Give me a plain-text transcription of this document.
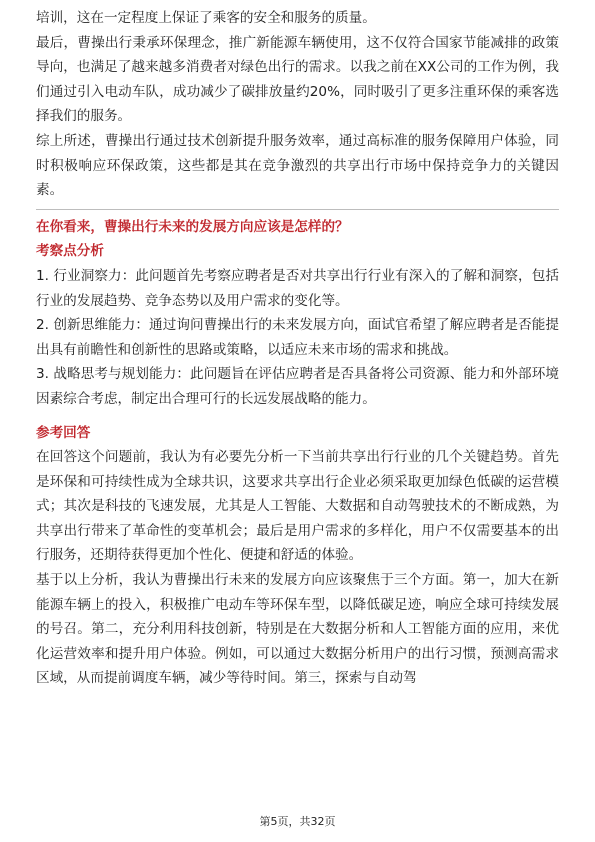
培训，这在一定程度上保证了乘客的安全和服务的质量。

最后，曹操出行秉承环保理念，推广新能源车辆使用，这不仅符合国家节能减排的政策导向，也满足了越来越多消费者对绿色出行的需求。以我之前在XX公司的工作为例，我们通过引入电动车队，成功减少了碳排放量约20%，同时吸引了更多注重环保的乘客选择我们的服务。

综上所述，曹操出行通过技术创新提升服务效率，通过高标准的服务保障用户体验，同时积极响应环保政策，这些都是其在竞争激烈的共享出行市场中保持竞争力的关键因素。

在你看来，曹操出行未来的发展方向应该是怎样的？

考察点分析

1. 行业洞察力：此问题首先考察应聘者是否对共享出行行业有深入的了解和洞察，包括行业的发展趋势、竞争态势以及用户需求的变化等。

2. 创新思维能力：通过询问曹操出行的未来发展方向，面试官希望了解应聘者是否能提出具有前瞻性和创新性的思路或策略，以适应未来市场的需求和挑战。

3. 战略思考与规划能力：此问题旨在评估应聘者是否具备将公司资源、能力和外部环境因素综合考虑，制定出合理可行的长远发展战略的能力。

参考回答

在回答这个问题前，我认为有必要先分析一下当前共享出行行业的几个关键趋势。首先是环保和可持续性成为全球共识，这要求共享出行企业必须采取更加绿色低碳的运营模式；其次是科技的飞速发展，尤其是人工智能、大数据和自动驾驶技术的不断成熟，为共享出行带来了革命性的变革机会；最后是用户需求的多样化，用户不仅需要基本的出行服务，还期待获得更加个性化、便捷和舒适的体验。

基于以上分析，我认为曹操出行未来的发展方向应该聚焦于三个方面。第一，加大在新能源车辆上的投入，积极推广电动车等环保车型，以降低碳足迹，响应全球可持续发展的号召。第二，充分利用科技创新，特别是在大数据分析和人工智能方面的应用，来优化运营效率和提升用户体验。例如，可以通过大数据分析用户的出行习惯，预测高需求区域，从而提前调度车辆，减少等待时间。第三，探索与自动驾

第5页，共32页
